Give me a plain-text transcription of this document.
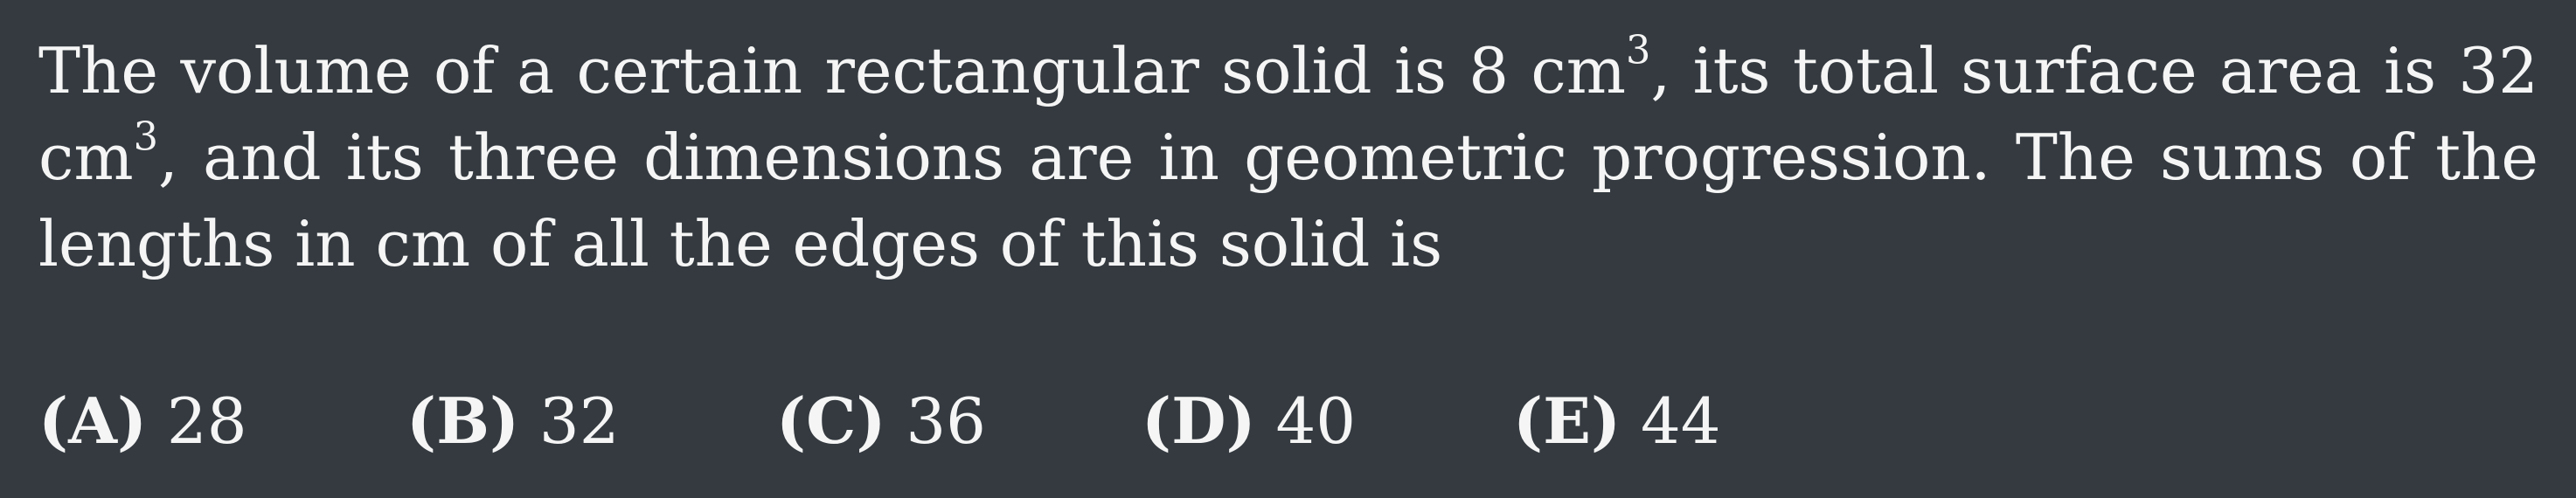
The volume of a certain rectangular solid is 8 $cm^3$, its total surface area is 32 $cm^3$, and its three dimensions are in geometric progression. The sums of the lengths in cm of all the edges of this solid is
(A) 28	(B) 32 (C) 36 (D) 40 (E) 44
